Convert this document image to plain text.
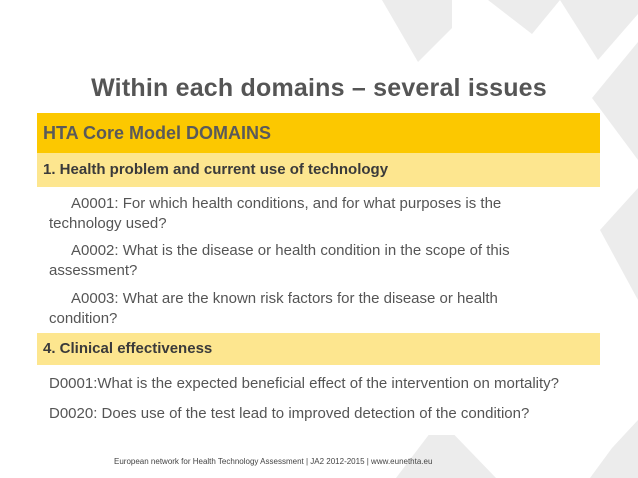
Within each domains – several issues
HTA Core Model DOMAINS
1. Health problem and current use of technology
A0001: For which health conditions, and for what purposes is the
technology used?
A0002: What is the disease or health condition in the scope of this
assessment?
A0003: What are the known risk factors for the disease or health
condition?
4. Clinical effectiveness
D0001:What is the expected beneficial effect of the intervention on mortality?
D0020: Does use of the test lead to improved detection of the condition?
European network for Health Technology Assessment | JA2 2012-2015 | www.eunethta.eu
